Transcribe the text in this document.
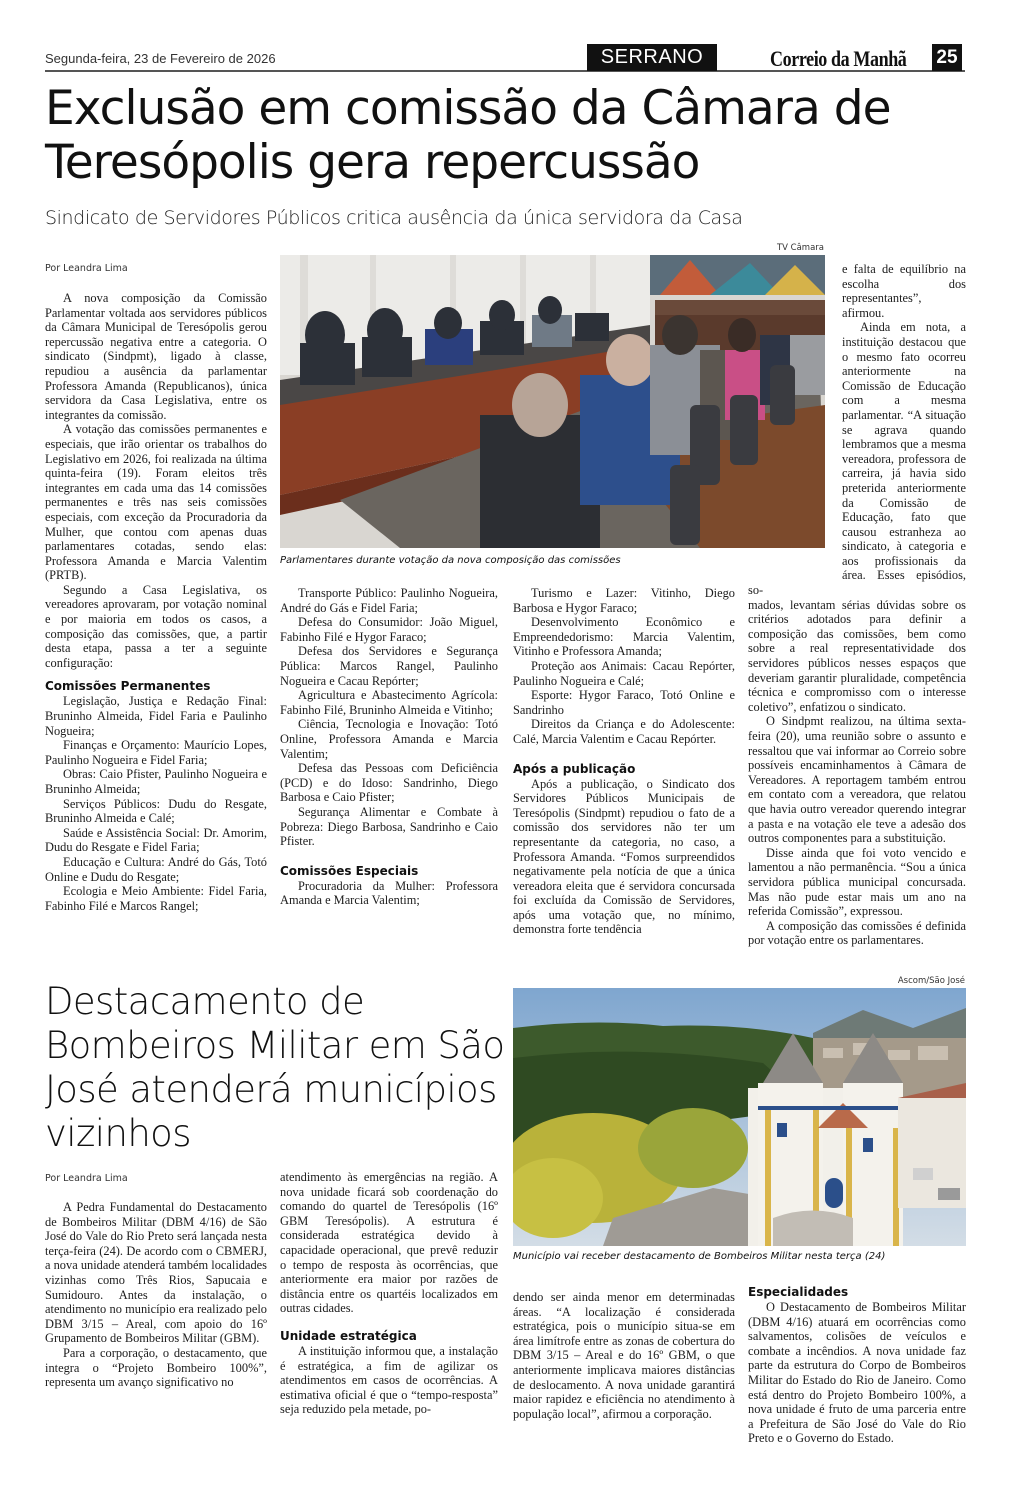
Segunda-feira, 23 de Fevereiro de 2026	SERRANO	Correio da Manhã 25
Exclusão em comissão da Câmara de Teresópolis gera repercussão
Sindicato de Servidores Públicos critica ausência da única servidora da Casa
Por Leandra Lima
TV Câmara
Parlamentares durante votação da nova composição das comissões

A nova composição da Comissão Parlamentar voltada aos servidores públicos da Câmara Municipal de Teresópolis gerou repercussão negativa entre a categoria. O sindicato (Sindpmt), ligado à classe, repudiou a ausência da parlamentar Professora Amanda (Republicanos), única servidora da Casa Legislativa, entre os integrantes da comissão.

A votação das comissões permanentes e especiais, que irão orientar os trabalhos do Legislativo em 2026, foi realizada na última quinta-feira (19). Foram eleitos três integrantes em cada uma das 14 comissões permanentes e três nas seis comissões especiais, com exceção da Procuradoria da Mulher, que contou com apenas duas parlamentares cotadas, sendo elas: Professora Amanda e Marcia Valentim (PRTB).

Segundo a Casa Legislativa, os vereadores aprovaram, por votação nominal e por maioria em todos os casos, a composição das comissões, que, a partir desta etapa, passa a ter a seguinte configuração:

Comissões Permanentes

Legislação, Justiça e Redação Final: Bruninho Almeida, Fidel Faria e Paulinho Nogueira;

Finanças e Orçamento: Maurício Lopes, Paulinho Nogueira e Fidel Faria;

Obras: Caio Pfister, Paulinho Nogueira e Bruninho Almeida;

Serviços Públicos: Dudu do Resgate, Bruninho Almeida e Calé;

Saúde e Assistência Social: Dr. Amorim, Dudu do Resgate e Fidel Faria;

Educação e Cultura: André do Gás, Totó Online e Dudu do Resgate;

Ecologia e Meio Ambiente: Fidel Faria, Fabinho Filé e Marcos Rangel;

Transporte Público: Paulinho Nogueira, André do Gás e Fidel Faria;

Defesa do Consumidor: João Miguel, Fabinho Filé e Hygor Faraco;

Defesa dos Servidores e Segurança Pública: Marcos Rangel, Paulinho Nogueira e Cacau Repórter;

Agricultura e Abastecimento Agrícola: Fabinho Filé, Bruninho Almeida e Vitinho;

Ciência, Tecnologia e Inovação: Totó Online, Professora Amanda e Marcia Valentim;

Defesa das Pessoas com Deficiência (PCD) e do Idoso: Sandrinho, Diego Barbosa e Caio Pfister;

Segurança Alimentar e Combate à Pobreza: Diego Barbosa, Sandrinho e Caio Pfister.

Comissões Especiais

Procuradoria da Mulher: Professora Amanda e Marcia Valentim;

Turismo e Lazer: Vitinho, Diego Barbosa e Hygor Faraco;

Desenvolvimento Econômico e Empreendedorismo: Marcia Valentim, Vitinho e Professora Amanda;

Proteção aos Animais: Cacau Repórter, Paulinho Nogueira e Calé;

Esporte: Hygor Faraco, Totó Online e Sandrinho

Direitos da Criança e do Adolescente: Calé, Marcia Valentim e Cacau Repórter.

Após a publicação

Após a publicação, o Sindicato dos Servidores Públicos Municipais de Teresópolis (Sindpmt) repudiou o fato de a comissão dos servidores não ter um representante da categoria, no caso, a Professora Amanda. “Fomos surpreendidos negativamente pela notícia de que a única vereadora eleita que é servidora concursada foi excluída da Comissão de Servidores, após uma votação que, no mínimo, demonstra forte tendência

e falta de equilíbrio na escolha dos representantes”, afirmou.

Ainda em nota, a instituição destacou que o mesmo fato ocorreu anteriormente na Comissão de Educação com a mesma parlamentar. “A situação se agrava quando lembramos que a mesma vereadora, professora de carreira, já havia sido preterida anteriormente da Comissão de Educação, fato que causou estranheza ao sindicato, à categoria e aos profissionais da área. Esses episódios, so-

mados, levantam sérias dúvidas sobre os critérios adotados para definir a composição das comissões, bem como sobre a real representatividade dos servidores públicos nesses espaços que deveriam garantir pluralidade, competência técnica e compromisso com o interesse coletivo”, enfatizou o sindicato.

O Sindpmt realizou, na última sexta-feira (20), uma reunião sobre o assunto e ressaltou que vai informar ao Correio sobre possíveis encaminhamentos à Câmara de Vereadores. A reportagem também entrou em contato com a vereadora, que relatou que havia outro vereador querendo integrar a pasta e na votação ele teve a adesão dos outros componentes para a substituição.

Disse ainda que foi voto vencido e lamentou a não permanência. “Sou a única servidora pública municipal concursada. Mas não pude estar mais um ano na referida Comissão”, expressou.

A composição das comissões é definida por votação entre os parlamentares.

Destacamento de Bombeiros Militar em São José atenderá municípios vizinhos
Por Leandra Lima
Ascom/São José
Município vai receber destacamento de Bombeiros Militar nesta terça (24)

A Pedra Fundamental do Destacamento de Bombeiros Militar (DBM 4/16) de São José do Vale do Rio Preto será lançada nesta terça-feira (24). De acordo com o CBMERJ, a nova unidade atenderá também localidades vizinhas como Três Rios, Sapucaia e Sumidouro. Antes da instalação, o atendimento no município era realizado pelo DBM 3/15 – Areal, com apoio do 16º Grupamento de Bombeiros Militar (GBM).

Para a corporação, o destacamento, que integra o “Projeto Bombeiro 100%”, representa um avanço significativo no

atendimento às emergências na região. A nova unidade ficará sob coordenação do comando do quartel de Teresópolis (16º GBM Teresópolis). A estrutura é considerada estratégica devido à capacidade operacional, que prevê reduzir o tempo de resposta às ocorrências, que anteriormente era maior por razões de distância entre os quartéis localizados em outras cidades.

Unidade estratégica

A instituição informou que, a instalação é estratégica, a fim de agilizar os atendimentos em casos de ocorrências. A estimativa oficial é que o “tempo-resposta” seja reduzido pela metade, po-

dendo ser ainda menor em determinadas áreas. “A localização é considerada estratégica, pois o município situa-se em área limítrofe entre as zonas de cobertura do DBM 3/15 – Areal e do 16º GBM, o que anteriormente implicava maiores distâncias de deslocamento. A nova unidade garantirá maior rapidez e eficiência no atendimento à população local”, afirmou a corporação.

Especialidades

O Destacamento de Bombeiros Militar (DBM 4/16) atuará em ocorrências como salvamentos, colisões de veículos e combate a incêndios. A nova unidade faz parte da estrutura do Corpo de Bombeiros Militar do Estado do Rio de Janeiro. Como está dentro do Projeto Bombeiro 100%, a nova unidade é fruto de uma parceria entre a Prefeitura de São José do Vale do Rio Preto e o Governo do Estado.
